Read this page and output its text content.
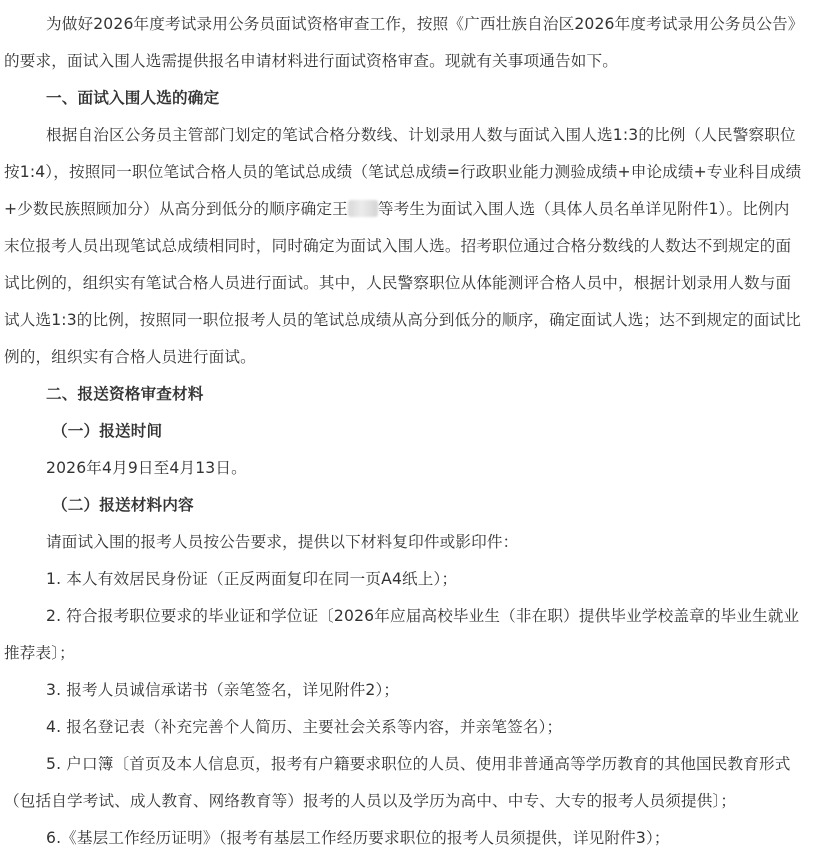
为做好2026年度考试录用公务员面试资格审查工作，按照《广西壮族自治区2026年度考试录用公务员公告》的要求，面试入围人选需提供报名申请材料进行面试资格审查。现就有关事项通告如下。

一、面试入围人选的确定

根据自治区公务员主管部门划定的笔试合格分数线、计划录用人数与面试入围人选1:3的比例（人民警察职位按1:4），按照同一职位笔试合格人员的笔试总成绩（笔试总成绩=行政职业能力测验成绩+申论成绩+专业科目成绩+少数民族照顾加分）从高分到低分的顺序确定王 等考生为面试入围人选（具体人员名单详见附件1）。比例内末位报考人员出现笔试总成绩相同时，同时确定为面试入围人选。招考职位通过合格分数线的人数达不到规定的面试比例的，组织实有笔试合格人员进行面试。其中，人民警察职位从体能测评合格人员中，根据计划录用人数与面试人选1:3的比例，按照同一职位报考人员的笔试总成绩从高分到低分的顺序，确定面试人选；达不到规定的面试比例的，组织实有合格人员进行面试。

二、报送资格审查材料

（一）报送时间

2026年4月9日至4月13日。

（二）报送材料内容

请面试入围的报考人员按公告要求，提供以下材料复印件或影印件：

1. 本人有效居民身份证（正反两面复印在同一页A4纸上）；

2. 符合报考职位要求的毕业证和学位证〔2026年应届高校毕业生（非在职）提供毕业学校盖章的毕业生就业推荐表〕；

3. 报考人员诚信承诺书（亲笔签名，详见附件2）；

4. 报名登记表（补充完善个人简历、主要社会关系等内容，并亲笔签名）；

5. 户口簿〔首页及本人信息页，报考有户籍要求职位的人员、使用非普通高等学历教育的其他国民教育形式（包括自学考试、成人教育、网络教育等）报考的人员以及学历为高中、中专、大专的报考人员须提供〕；

6.《基层工作经历证明》（报考有基层工作经历要求职位的报考人员须提供，详见附件3）；
